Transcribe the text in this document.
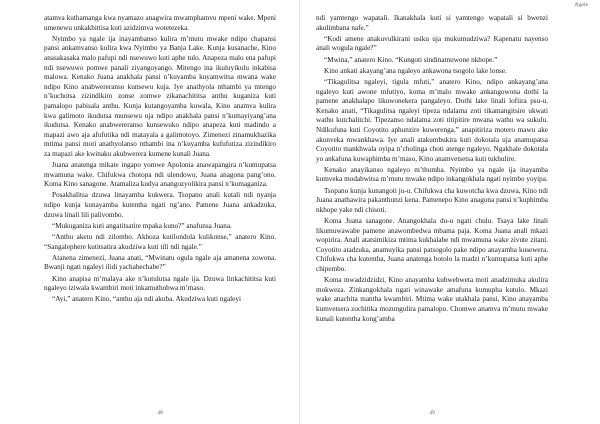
atamva kuthamanga kwa nyamazo anagwira mwamphamvu mpeni wake. Mpeni umenewu unkakhittisa kuti azidzimva wotetezeka.

Nyimbo ya ngale ija inayambanso kulira m’mutu mwake ndipo chapansi pansi ankamvanso kulira kwa Nyimbo ya Banja Lake. Kunja kusanache, Kino anasakasaka malo pafupi ndi nsewuwo kuti aphe tulo. Anapeza malo ena pafupi ndi nsewuwo pomwe panali ziyangoyango. Mitengo ina ikuluyikulu inkabisa malowa. Kenako Juana anakhala pansi n’kuyamba kuyamwitsa mwana wake ndipo Kino anabwereranso kunsewu kuja. Iye anathyola nthambi ya mtengo n’kuchotsa zizindikiro zonse zomwe zikanachititsa anthu kuganiza kuti pamalopo pabisala anthu. Kunja kutangoyamba kuwala, Kino anamva kulira kwa galimoto ikudutsa munsewu uja ndipo anakhala pansi n’kumayiyang’ana ikudutsa. Kenako anabwereranso kunsewuko ndipo anapeza kuti madindo a mapazi awo aja afufutika ndi matayala a galimotoyo. Zimenezi zinamukhazika mtima pansi moti anathyolanso nthambi ina n’kuyamba kufufutiza zizindikiro za mapazi ake kwinaku akubwerera kumene kunali Juana.

Juana anatenga mikate ingapo yomwe Apolonia anawapangira n’kumupatsa mwamuna wake. Chifukwa chotopa ndi ulendowo, Juana anagona pang’ono. Koma Kino sanagone. Atamaliza kudya anangozyolikira pansi n’kumaganiza.

Posakhalitsa dzuwa linayamba kukwera. Tsopano anali kutali ndi nyanja ndipo kunja kunayamba kutentha ngati ng’ano. Pamene Juana ankadzuka, dzuwa linali lili palivombo.

“Mukuganiza kuti angatitsatire mpaka kuno?” anafunsa Juana.

“Anthu aketu ndi zilombo. Akhoza kutilondola kulikonse,” anatero Kino. “Sangalephere kutitsatira akudziwa kuti tili ndi ngale.”

Atanena zimenezi, Juana anati, “Mwinatu ogula ngale aja amanena zowona. Bwanji ngati ngaleyi ilidi yachabechabe?”

Kino anapisa m’malaya ake n’kutulutsa ngale ija. Dzuwa linkachititsa kuti ngaleyo iziwala kwambiri moti inkamuthobwa m’maso.

“Ayi,” anatero Kino, “anthu aja ndi akuba. Akudziwa kuti ngaleyi

48
Ngale

ndi yamtengo wapatali. Ikanakhala kuti si yamtengo wapatali si bwenzi akulimbana nafe.”

“Kodi amene anakuvulkirani usiku uja mukumudziwa? Kapenatu nayenso anali wogula ngale?”

“Mwina,” anatero Kino. “Kungoti sindinamuwone nkhope.”

Kino ankati akayang’ana ngaleyo ankawona tsogolo lake lonse.

“Tikagulitsa ngaleyi, tigula mfuti,” anatero Kino, ndipo ankayang’ana ngaleyo kuti awone mfutiyo, koma m’malo mwake ankangowona dothi la pamene anakhalapo likuwonekera pangaleyo. Dothi lake linali lofiira psu-u. Kenako anati, “Tikagulitsa ngaleyi tipeza ndalama zoti tikamangitsire ukwati wathu kutchalitchi. Tipezanso ndalama zoti titipitire mwana wathu wa sukulu. Ndikufuna kuti Coyotito aphunzire kuwerenga,” anapitiriza motero mawu ake akunveka mwankhawa. Iye anali atakumbukira kuti dokotala uja anamupatsa Coyotito mankhwala oyipa n’cholinga choti atenge ngaleyo. Ngakhale dokotala yo ankafuna kuwaphimba m’maso, Kino anamvetsetsa kuti tukhulire.

Kenako anayikanso ngaleyo m’thumba. Nyimbo ya ngale ija inayamba kumveka modabwitsa m’mutu mwake ndipo inkangokhala ngati nyimbo yoyipa.

Tsopano kunja kunangoti ju-u. Chifukwa cha kuwotcha kwa dzuwa, Kino ndi Juana anathawira pakanthunzi kena. Pamenepo Kino anagona pansi n’kuphimba nkhope yake ndi chisoti.

Koma Juana sanagone. Anangokhala du-u ngati chulu. Tsaya lake linali likumuwawabe pamene anawombedwa mbama paja. Koma Juana anali mkazi wopirira. Anali atatsimikiza mtima kukhalabe ndi mwamuna wake zivute zitani. Coyotito atadzuka, anamuyika pansi patsogolo pake ndipo anayamba kusewera. Chifukwa cha kutentha, Juana anatenga botolo la madzi n’kumupatsa kuti aphe chipembo.

Koma mwadzidzidzi, Kino anayamba kubwebweta moti anadzimuka akulira mokweza. Zinkangokhala ngati winawake amafuna kumupha kutulo. Mkazi wake anachita mantha kwambiri. Mtima wake utakhala pansi, Kino anayamba kumvetsera zochitika mozungulira pamalopo. Chomwe anamva m’mutu mwake kunali kutentha kong’amba

49
